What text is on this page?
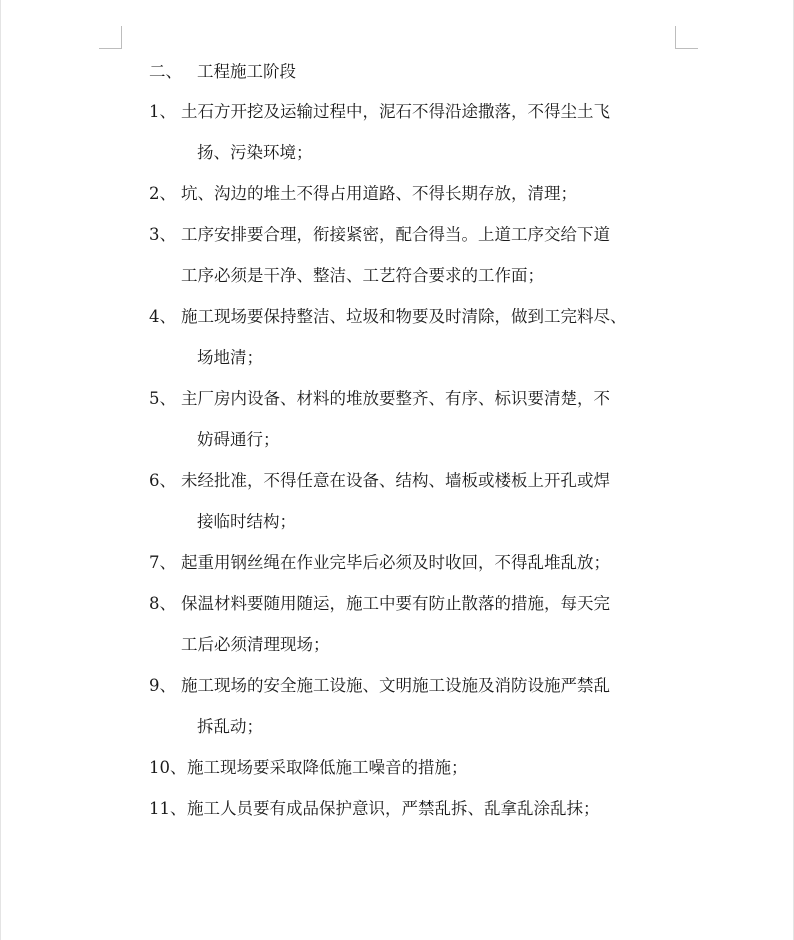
二、 工程施工阶段
1、 土石方开挖及运输过程中，泥石不得沿途撒落，不得尘土飞
扬、污染环境；
2、 坑、沟边的堆土不得占用道路、不得长期存放，清理；
3、 工序安排要合理，衔接紧密，配合得当。上道工序交给下道
工序必须是干净、整洁、工艺符合要求的工作面；
4、 施工现场要保持整洁、垃圾和物要及时清除，做到工完料尽、
场地清；
5、 主厂房内设备、材料的堆放要整齐、有序、标识要清楚，不
妨碍通行；
6、 未经批准，不得任意在设备、结构、墙板或楼板上开孔或焊
接临时结构；
7、 起重用钢丝绳在作业完毕后必须及时收回，不得乱堆乱放；
8、 保温材料要随用随运，施工中要有防止散落的措施，每天完
工后必须清理现场；
9、 施工现场的安全施工设施、文明施工设施及消防设施严禁乱
拆乱动；
10、施工现场要采取降低施工噪音的措施；
11、施工人员要有成品保护意识，严禁乱拆、乱拿乱涂乱抹；
